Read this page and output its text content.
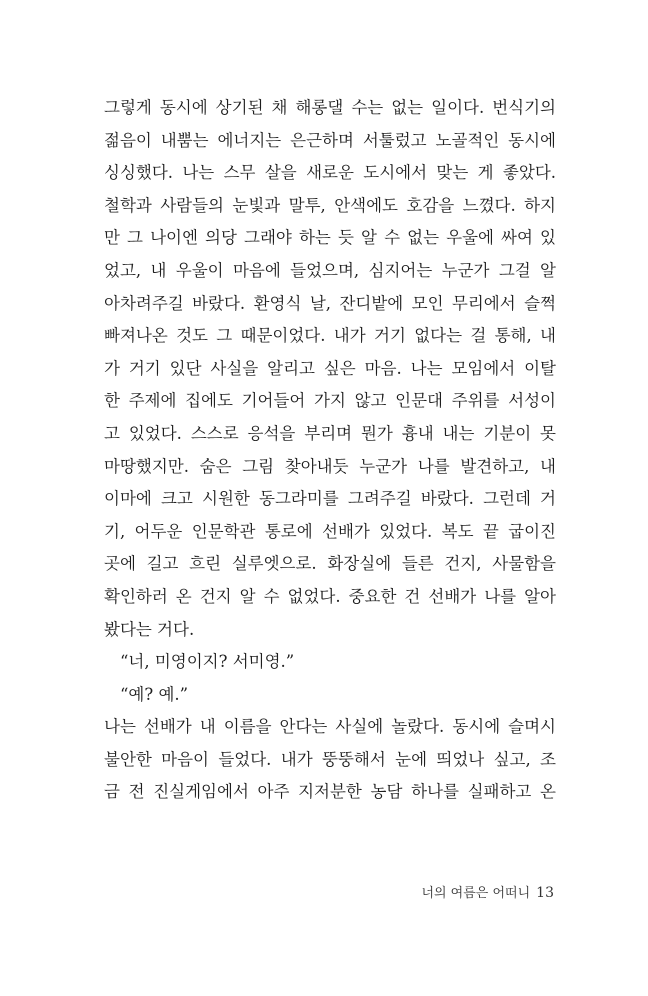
그렇게 동시에 상기된 채 해롱댈 수는 없는 일이다. 번식기의
젊음이 내뿜는 에너지는 은근하며 서툴렀고 노골적인 동시에
싱싱했다. 나는 스무 살을 새로운 도시에서 맞는 게 좋았다.
철학과 사람들의 눈빛과 말투, 안색에도 호감을 느꼈다. 하지
만 그 나이엔 의당 그래야 하는 듯 알 수 없는 우울에 싸여 있
었고, 내 우울이 마음에 들었으며, 심지어는 누군가 그걸 알
아차려주길 바랐다. 환영식 날, 잔디밭에 모인 무리에서 슬쩍
빠져나온 것도 그 때문이었다. 내가 거기 없다는 걸 통해, 내
가 거기 있단 사실을 알리고 싶은 마음. 나는 모임에서 이탈
한 주제에 집에도 기어들어 가지 않고 인문대 주위를 서성이
고 있었다. 스스로 응석을 부리며 뭔가 흉내 내는 기분이 못
마땅했지만. 숨은 그림 찾아내듯 누군가 나를 발견하고, 내
이마에 크고 시원한 동그라미를 그려주길 바랐다. 그런데 거
기, 어두운 인문학관 통로에 선배가 있었다. 복도 끝 굽이진
곳에 길고 흐린 실루엣으로. 화장실에 들른 건지, 사물함을
확인하러 온 건지 알 수 없었다. 중요한 건 선배가 나를 알아
봤다는 거다.
“너, 미영이지? 서미영.”
“예? 예.”
나는 선배가 내 이름을 안다는 사실에 놀랐다. 동시에 슬며시
불안한 마음이 들었다. 내가 뚱뚱해서 눈에 띄었나 싶고, 조
금 전 진실게임에서 아주 지저분한 농담 하나를 실패하고 온
너의 여름은 어떠니 13
